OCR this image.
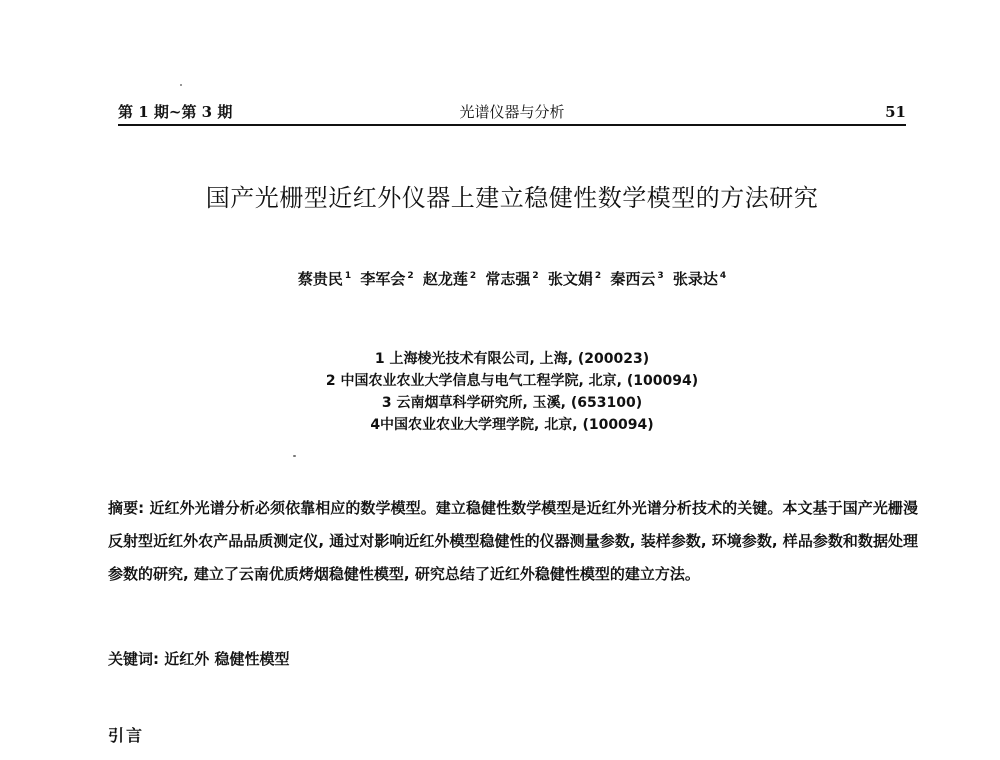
第 1 期~第 3 期	光谱仪器与分析	51
国产光栅型近红外仪器上建立稳健性数学模型的方法研究
蔡贵民 $^1$ 李军会 $^2$ 赵龙莲 $^2$ 常志强 $^2$ 张文娟 $^2$ 秦西云 $^3$ 张录达 $^4$
1 上海棱光技术有限公司, 上海, (200023)
2 中国农业农业大学信息与电气工程学院, 北京, (100094)
3 云南烟草科学研究所, 玉溪, (653100)
4中国农业农业大学理学院, 北京, (100094)
摘要: 近红外光谱分析必须依靠相应的数学模型。建立稳健性数学模型是近红外光谱分析技术的关键。本文基于国产光栅漫反射型近红外农产品品质测定仪, 通过对影响近红外模型稳健性的仪器测量参数, 装样参数, 环境参数, 样品参数和数据处理参数的研究, 建立了云南优质烤烟稳健性模型, 研究总结了近红外稳健性模型的建立方法。
关键词: 近红外 稳健性模型
引言
